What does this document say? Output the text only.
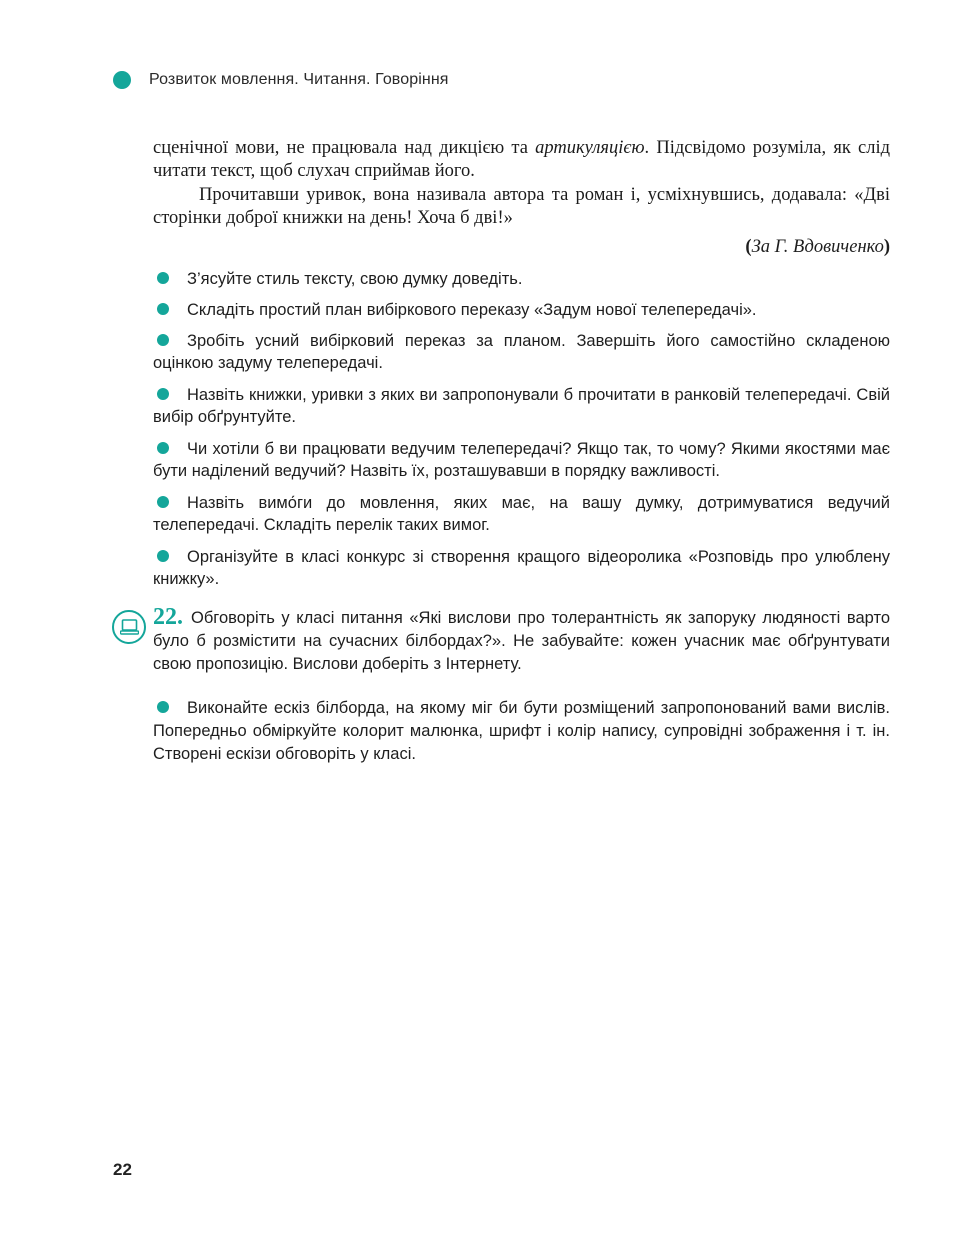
Розвиток мовлення. Читання. Говоріння

сценічної мови, не працювала над дикцією та артикуляцією. Підсвідомо розуміла, як слід читати текст, щоб слухач сприймав його.

Прочитавши уривок, вона називала автора та роман і, усміхнувшись, додавала: «Дві сторінки доброї книжки на день! Хоча б дві!»

(За Г. Вдовиченко)
З’ясуйте стиль тексту, свою думку доведіть.
Складіть простий план вибіркового переказу «Задум нової телепередачі».
Зробіть усний вибірковий переказ за планом. Завершіть його самостійно складеною оцінкою задуму телепередачі.
Назвіть книжки, уривки з яких ви запропонували б прочитати в ранковій телепередачі. Свій вибір обґрунтуйте.
Чи хотіли б ви працювати ведучим телепередачі? Якщо так, то чому? Якими якостями має бути наділений ведучий? Назвіть їх, розташувавши в порядку важливості.
Назвіть вимо́ги до мовлення, яких має, на вашу думку, дотримуватися ведучий телепередачі. Складіть перелік таких вимог.
Організуйте в класі конкурс зі створення кращого відеоролика «Розповідь про улюблену книжку».
22. Обговоріть у класі питання «Які вислови про толерантність як запоруку людяності варто було б розмістити на сучасних білбордах?». Не забувайте: кожен учасник має обґрунтувати свою пропозицію. Вислови доберіть з Інтернету.
Виконайте ескіз білборда, на якому міг би бути розміщений запропонований вами вислів. Попередньо обміркуйте колорит малюнка, шрифт і колір напису, супровідні зображення і т. ін. Створені ескізи обговоріть у класі.
22
